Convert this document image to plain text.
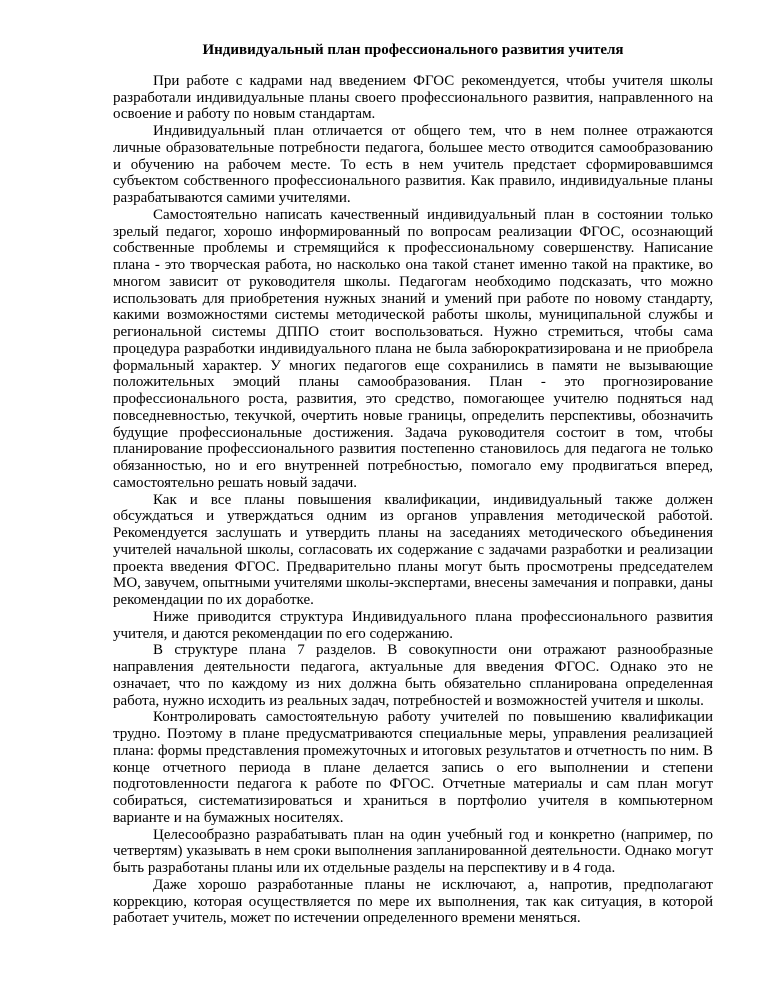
Индивидуальный план профессионального развития учителя

При работе с кадрами над введением ФГОС рекомендуется, чтобы учителя школы разработали индивидуальные планы своего профессионального развития, направленного на освоение и работу по новым стандартам.

Индивидуальный план отличается от общего тем, что в нем полнее отражаются личные образовательные потребности педагога, большее место отводится самообразованию и обучению на рабочем месте. То есть в нем учитель предстает сформировавшимся субъектом собственного профессионального развития. Как правило, индивидуальные планы разрабатываются самими учителями.

Самостоятельно написать качественный индивидуальный план в состоянии только зрелый педагог, хорошо информированный по вопросам реализации ФГОС, осознающий собственные проблемы и стремящийся к профессиональному совершенству. Написание плана - это творческая работа, но насколько она такой станет именно такой на практике, во многом зависит от руководителя школы. Педагогам необходимо подсказать, что можно использовать для приобретения нужных знаний и умений при работе по новому стандарту, какими возможностями системы методической работы школы, муниципальной службы и региональной системы ДППО стоит воспользоваться. Нужно стремиться, чтобы сама процедура разработки индивидуального плана не была забюрократизирована и не приобрела формальный характер. У многих педагогов еще сохранились в памяти не вызывающие положительных эмоций планы самообразования. План - это прогнозирование профессионального роста, развития, это средство, помогающее учителю подняться над повседневностью, текучкой, очертить новые границы, определить перспективы, обозначить будущие профессиональные достижения. Задача руководителя состоит в том, чтобы планирование профессионального развития постепенно становилось для педагога не только обязанностью, но и его внутренней потребностью, помогало ему продвигаться вперед, самостоятельно решать новый задачи.

Как и все планы повышения квалификации, индивидуальный также должен обсуждаться и утверждаться одним из органов управления методической работой. Рекомендуется заслушать и утвердить планы на заседаниях методического объединения учителей начальной школы, согласовать их содержание с задачами разработки и реализации проекта введения ФГОС. Предварительно планы могут быть просмотрены председателем МО, завучем, опытными учителями школы-экспертами, внесены замечания и поправки, даны рекомендации по их доработке.

Ниже приводится структура Индивидуального плана профессионального развития учителя, и даются рекомендации по его содержанию.

В структуре плана 7 разделов. В совокупности они отражают разнообразные направления деятельности педагога, актуальные для введения ФГОС. Однако это не означает, что по каждому из них должна быть обязательно спланирована определенная работа, нужно исходить из реальных задач, потребностей и возможностей учителя и школы.

Контролировать самостоятельную работу учителей по повышению квалификации трудно. Поэтому в плане предусматриваются специальные меры, управления реализацией плана: формы представления промежуточных и итоговых результатов и отчетность по ним. В конце отчетного периода в плане делается запись о его выполнении и степени подготовленности педагога к работе по ФГОС. Отчетные материалы и сам план могут собираться, систематизироваться и храниться в портфолио учителя в компьютерном варианте и на бумажных носителях.

Целесообразно разрабатывать план на один учебный год и конкретно (например, по четвертям) указывать в нем сроки выполнения запланированной деятельности. Однако могут быть разработаны планы или их отдельные разделы на перспективу и в 4 года.

Даже хорошо разработанные планы не исключают, а, напротив, предполагают коррекцию, которая осуществляется по мере их выполнения, так как ситуация, в которой работает учитель, может по истечении определенного времени меняться.
